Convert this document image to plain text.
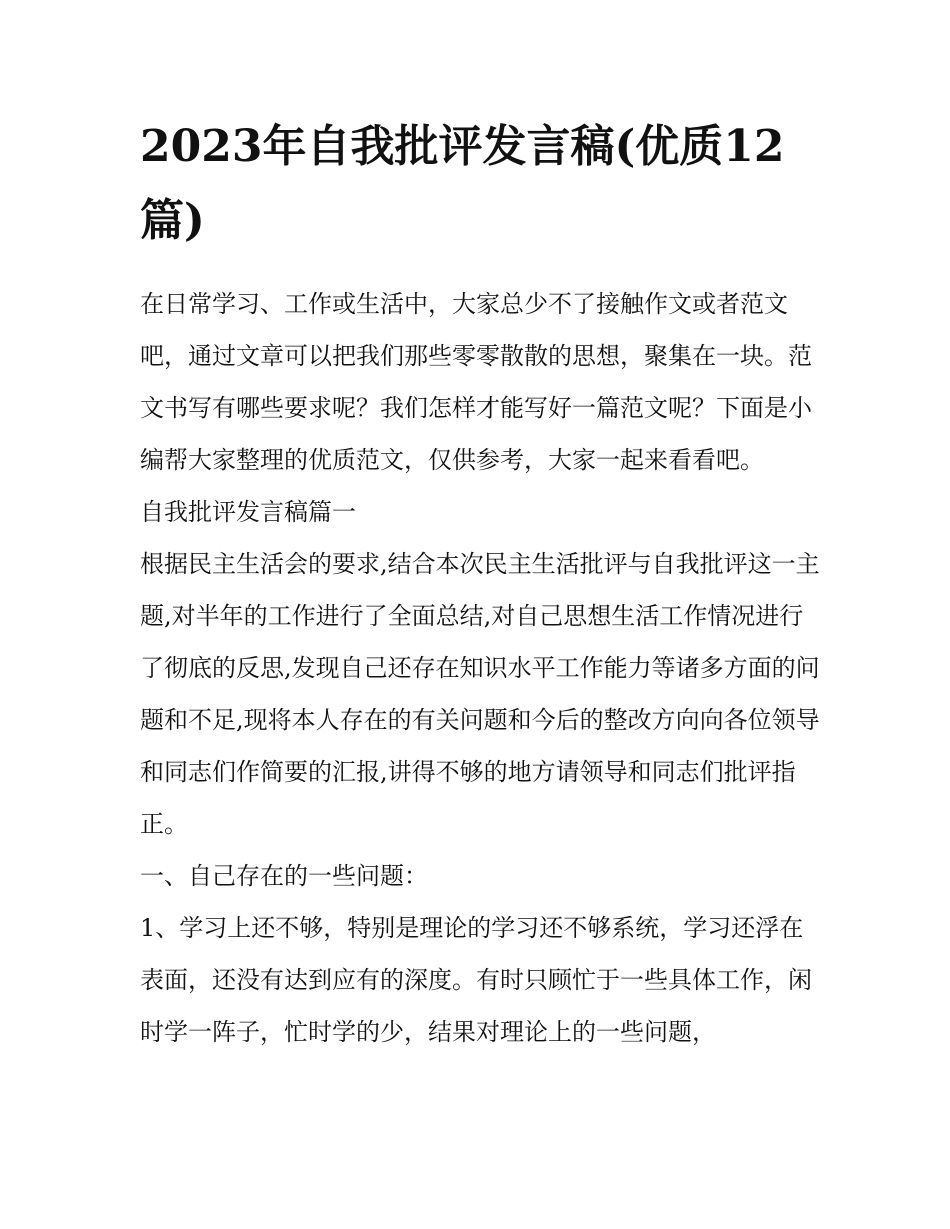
2023年自我批评发言稿(优质12篇)

在日常学习、工作或生活中，大家总少不了接触作文或者范文吧，通过文章可以把我们那些零零散散的思想，聚集在一块。范文书写有哪些要求呢？我们怎样才能写好一篇范文呢？下面是小编帮大家整理的优质范文，仅供参考，大家一起来看看吧。

自我批评发言稿篇一

根据民主生活会的要求,结合本次民主生活批评与自我批评这一主题,对半年的工作进行了全面总结,对自己思想生活工作情况进行了彻底的反思,发现自己还存在知识水平工作能力等诸多方面的问题和不足,现将本人存在的有关问题和今后的整改方向向各位领导和同志们作简要的汇报,讲得不够的地方请领导和同志们批评指正。

一、自己存在的一些问题：

1、学习上还不够，特别是理论的学习还不够系统，学习还浮在表面，还没有达到应有的深度。有时只顾忙于一些具体工作，闲时学一阵子，忙时学的少，结果对理论上的一些问题，
